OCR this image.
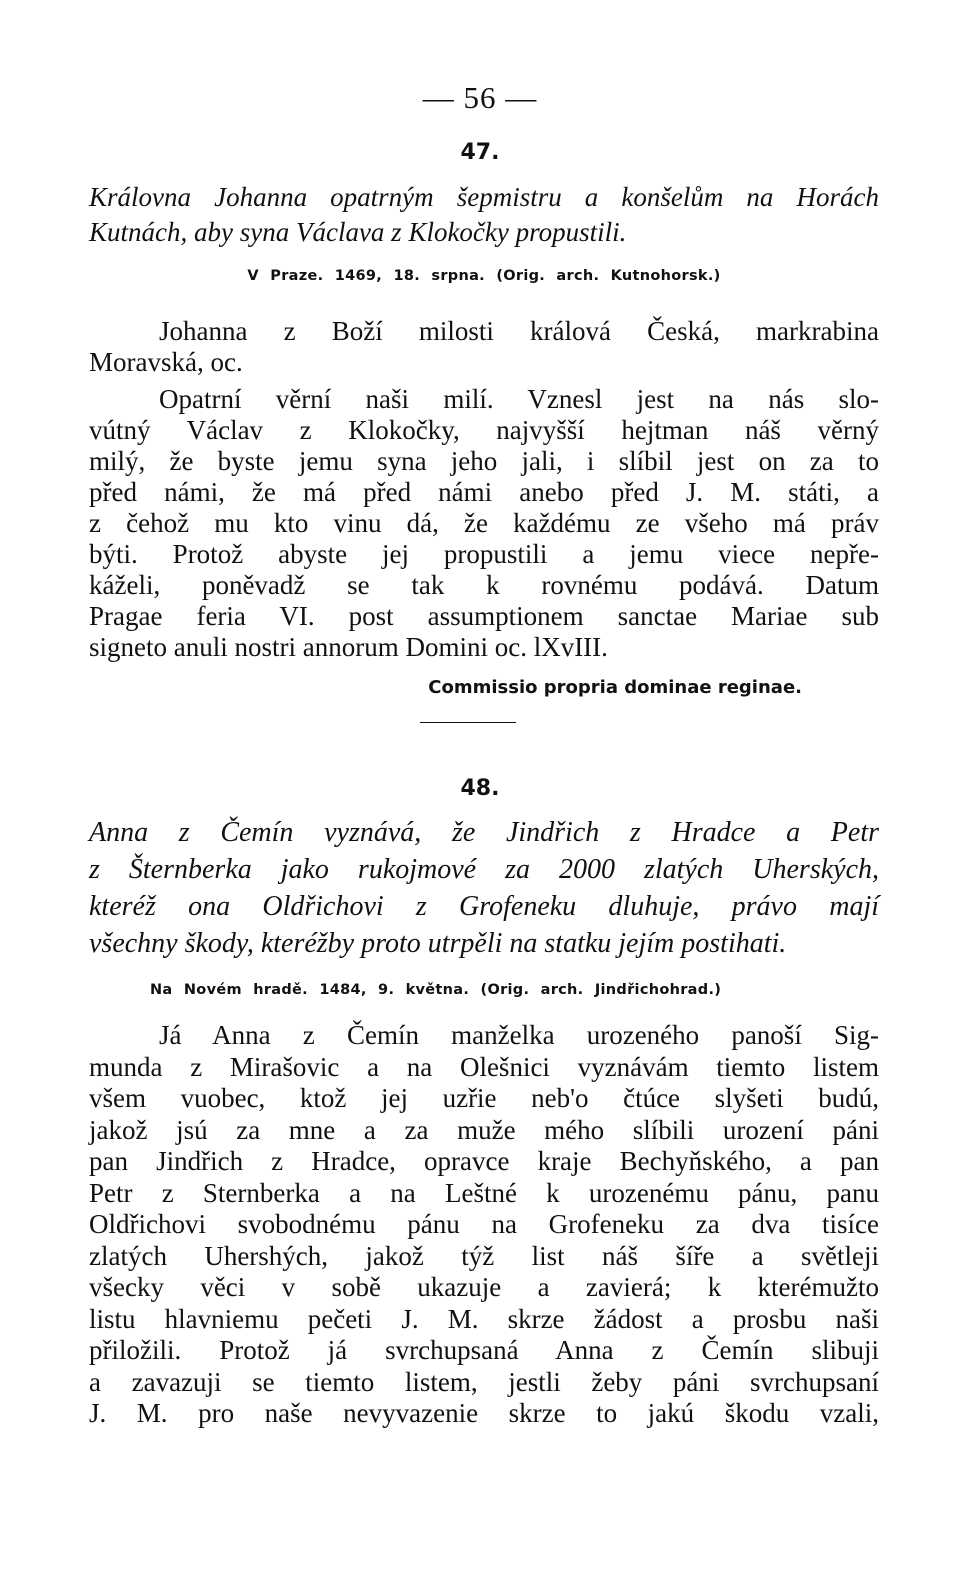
— 56 —
47.
Královna Johanna opatrným šepmistru a konšelům na Horách
Kutnách, aby syna Václava z Klokočky propustili.
V Praze. 1469, 18. srpna. (Orig. arch. Kutnohorsk.)
Johanna z Boží milosti králová Česká, markrabina
Moravská, oc.
Opatrní věrní naši milí. Vznesl jest na nás slo-
vútný Václav z Klokočky, najvyšší hejtman náš věrný
milý, že byste jemu syna jeho jali, i slíbil jest on za to
před námi, že má před námi anebo před J. M. státi, a
z čehož mu kto vinu dá, že každému ze všeho má práv
býti. Protož abyste jej propustili a jemu viece nepře-
káželi, poněvadž se tak k rovnému podává. Datum
Pragae feria VI. post assumptionem sanctae Mariae sub
signeto anuli nostri annorum Domini oc. lXvIII.
Commissio propria dominae reginae.
48.
Anna z Čemín vyznává, že Jindřich z Hradce a Petr
z Šternberka jako rukojmové za 2000 zlatých Uherských,
kteréž ona Oldřichovi z Grofeneku dluhuje, právo mají
všechny škody, kteréžby proto utrpěli na statku jejím postihati.
Na Novém hradě. 1484, 9. května. (Orig. arch. Jindřichohrad.)
Já Anna z Čemín manželka urozeného panoší Sig-
munda z Mirašovic a na Olešnici vyznávám tiemto listem
všem vuobec, ktož jej uzřie neb'o čtúce slyšeti budú,
jakož jsú za mne a za muže mého slíbili urození páni
pan Jindřich z Hradce, opravce kraje Bechyňského, a pan
Petr z Sternberka a na Leštné k urozenému pánu, panu
Oldřichovi svobodnému pánu na Grofeneku za dva tisíce
zlatých Uhershých, jakož týž list náš šíře a světleji
všecky věci v sobě ukazuje a zavierá; k kterémužto
listu hlavniemu pečeti J. M. skrze žádost a prosbu naši
přiložili. Protož já svrchupsaná Anna z Čemín slibuji
a zavazuji se tiemto listem, jestli žeby páni svrchupsaní
J. M. pro naše nevyvazenie skrze to jakú škodu vzali,
